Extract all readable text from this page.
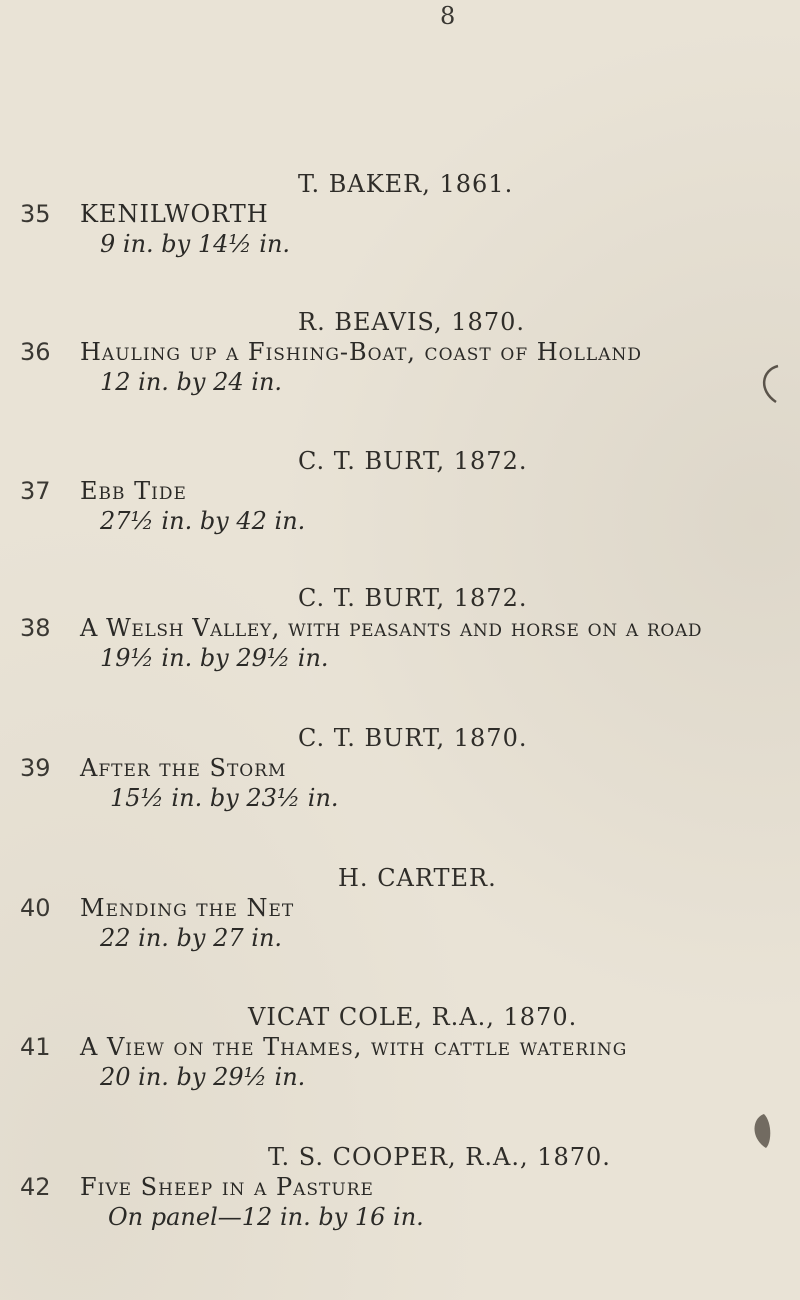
8
T. BAKER, 1861.
35 KENILWORTH
9 in. by 14½ in.
R. BEAVIS, 1870.
36 Hauling up a Fishing-Boat, coast of Holland
12 in. by 24 in.
C. T. BURT, 1872.
37 Ebb Tide
27½ in. by 42 in.
C. T. BURT, 1872.
38 A Welsh Valley, with peasants and horse on a road
19½ in. by 29½ in.
C. T. BURT, 1870.
39 After the Storm
15½ in. by 23½ in.
H. CARTER.
40 Mending the Net
22 in. by 27 in.
VICAT COLE, R.A., 1870.
41 A View on the Thames, with cattle watering
20 in. by 29½ in.
T. S. COOPER, R.A., 1870.
42 Five Sheep in a Pasture
On panel—12 in. by 16 in.
